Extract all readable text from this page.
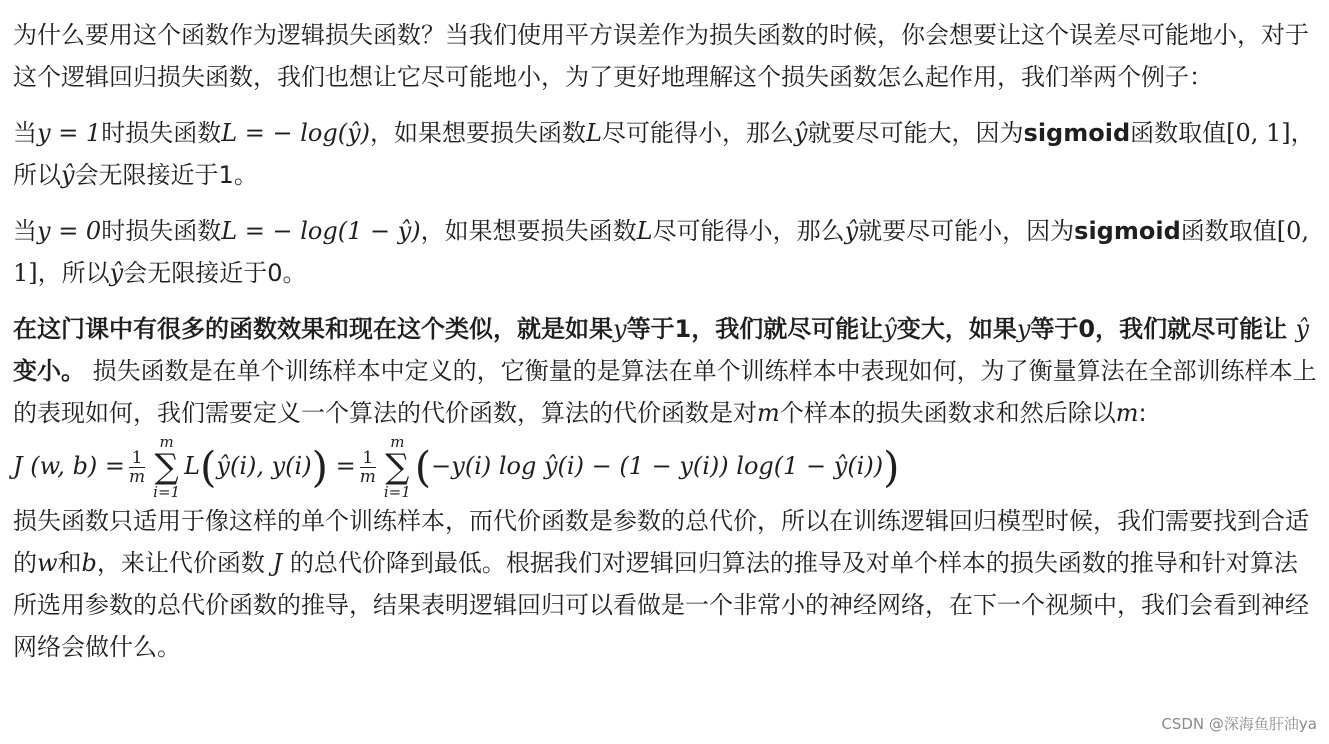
为什么要用这个函数作为逻辑损失函数？当我们使用平方误差作为损失函数的时候，你会想要让这个误差尽可能地小，对于这个逻辑回归损失函数，我们也想让它尽可能地小，为了更好地理解这个损失函数怎么起作用，我们举两个例子：

当y = 1时损失函数L = − log(ŷ)，如果想要损失函数L尽可能得小，那么ŷ就要尽可能大，因为sigmoid函数取值[0, 1]，所以ŷ会无限接近于1。

当y = 0时损失函数L = − log(1 − ŷ)，如果想要损失函数L尽可能得小，那么ŷ就要尽可能小，因为sigmoid函数取值[0, 1]，所以ŷ会无限接近于0。

在这门课中有很多的函数效果和现在这个类似，就是如果y等于1，我们就尽可能让ŷ变大，如果y等于0，我们就尽可能让 ŷ 变小。 损失函数是在单个训练样本中定义的，它衡量的是算法在单个训练样本中表现如何，为了衡量算法在全部训练样本上的表现如何，我们需要定义一个算法的代价函数，算法的代价函数是对m个样本的损失函数求和然后除以m: J (w, $b) = \frac{1}{m}$
m
∑
i=1
L(ŷ(i), $y(i)) = \frac{1}{m}$
m
∑
i=1
(−y(i) log ŷ(i) − (1 − y(i)) log(1 − ŷ(i)))

损失函数只适用于像这样的单个训练样本，而代价函数是参数的总代价，所以在训练逻辑回归模型时候，我们需要找到合适的w和b，来让代价函数 J 的总代价降到最低。根据我们对逻辑回归算法的推导及对单个样本的损失函数的推导和针对算法所选用参数的总代价函数的推导，结果表明逻辑回归可以看做是一个非常小的神经网络，在下一个视频中，我们会看到神经网络会做什么。

CSDN @深海鱼肝油ya
